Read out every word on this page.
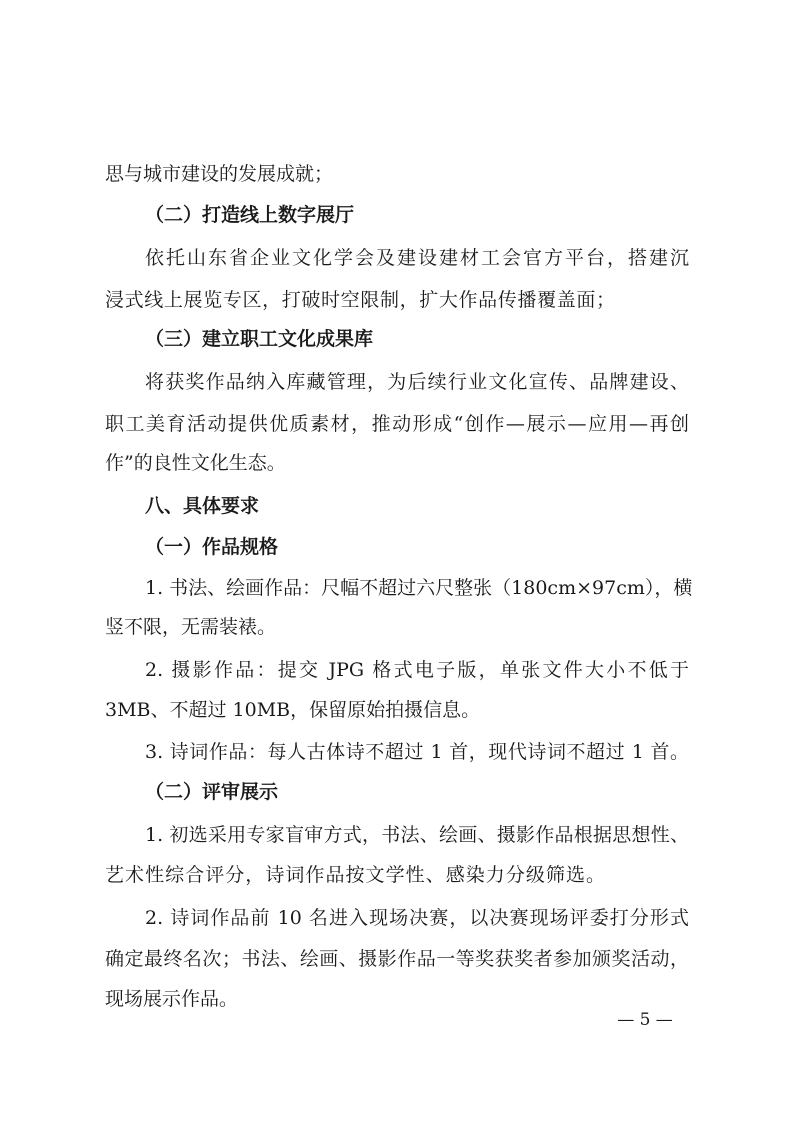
思与城市建设的发展成就；

（二）打造线上数字展厅

依托山东省企业文化学会及建设建材工会官方平台，搭建沉

浸式线上展览专区，打破时空限制，扩大作品传播覆盖面；

（三）建立职工文化成果库

将获奖作品纳入库藏管理，为后续行业文化宣传、品牌建设、

职工美育活动提供优质素材，推动形成“创作—展示—应用—再创

作”的良性文化生态。

八、具体要求

（一）作品规格

1. 书法、绘画作品：尺幅不超过六尺整张（180cm×97cm），横

竖不限，无需装裱。

2. 摄影作品：提交 JPG 格式电子版，单张文件大小不低于

3MB、不超过 10MB，保留原始拍摄信息。

3. 诗词作品：每人古体诗不超过 1 首，现代诗词不超过 1 首。

（二）评审展示

1. 初选采用专家盲审方式，书法、绘画、摄影作品根据思想性、

艺术性综合评分，诗词作品按文学性、感染力分级筛选。

2. 诗词作品前 10 名进入现场决赛，以决赛现场评委打分形式

确定最终名次；书法、绘画、摄影作品一等奖获奖者参加颁奖活动，

现场展示作品。

— 5 —
